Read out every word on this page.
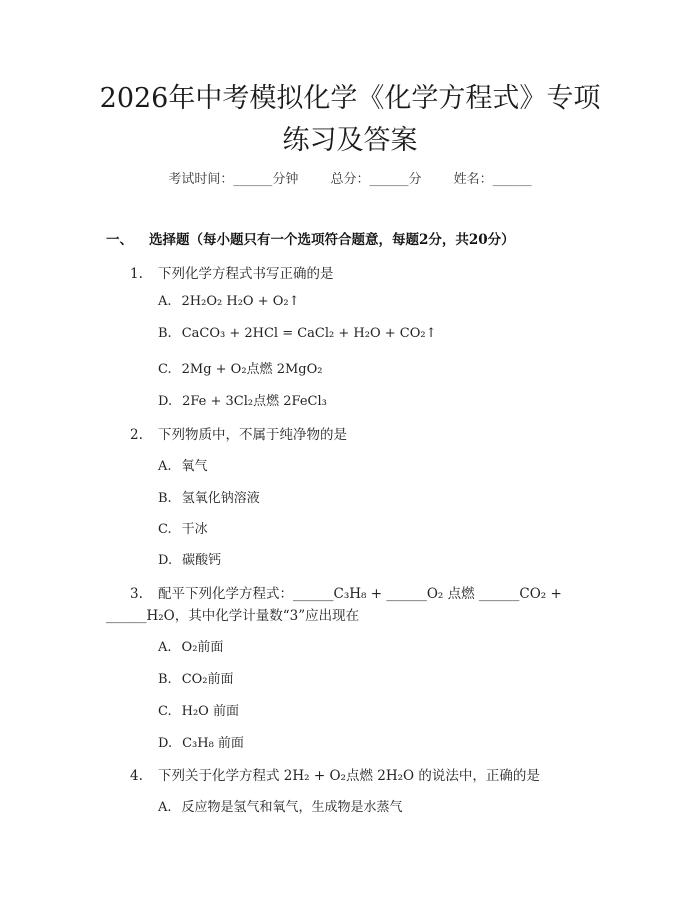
2026年中考模拟化学《化学方程式》专项练习及答案
考试时间：______分钟 总分：______分 姓名：______
一、 选择题（每小题只有一个选项符合题意，每题2分，共20分）
1. 下列化学方程式书写正确的是
A. 2H₂O₂ H₂O + O₂↑
B. CaCO₃ + 2HCl = CaCl₂ + H₂O + CO₂↑
C. 2Mg + O₂点燃 2MgO₂
D. 2Fe + 3Cl₂点燃 2FeCl₃
2. 下列物质中，不属于纯净物的是
A. 氧气
B. 氢氧化钠溶液
C. 干冰
D. 碳酸钙
3. 配平下列化学方程式：______C₃H₈ + ______O₂ 点燃 ______CO₂ +
______H₂O，其中化学计量数“3”应出现在
A. O₂前面
B. CO₂前面
C. H₂O 前面
D. C₃H₈ 前面
4. 下列关于化学方程式 2H₂ + O₂点燃 2H₂O 的说法中，正确的是
A. 反应物是氢气和氧气，生成物是水蒸气
